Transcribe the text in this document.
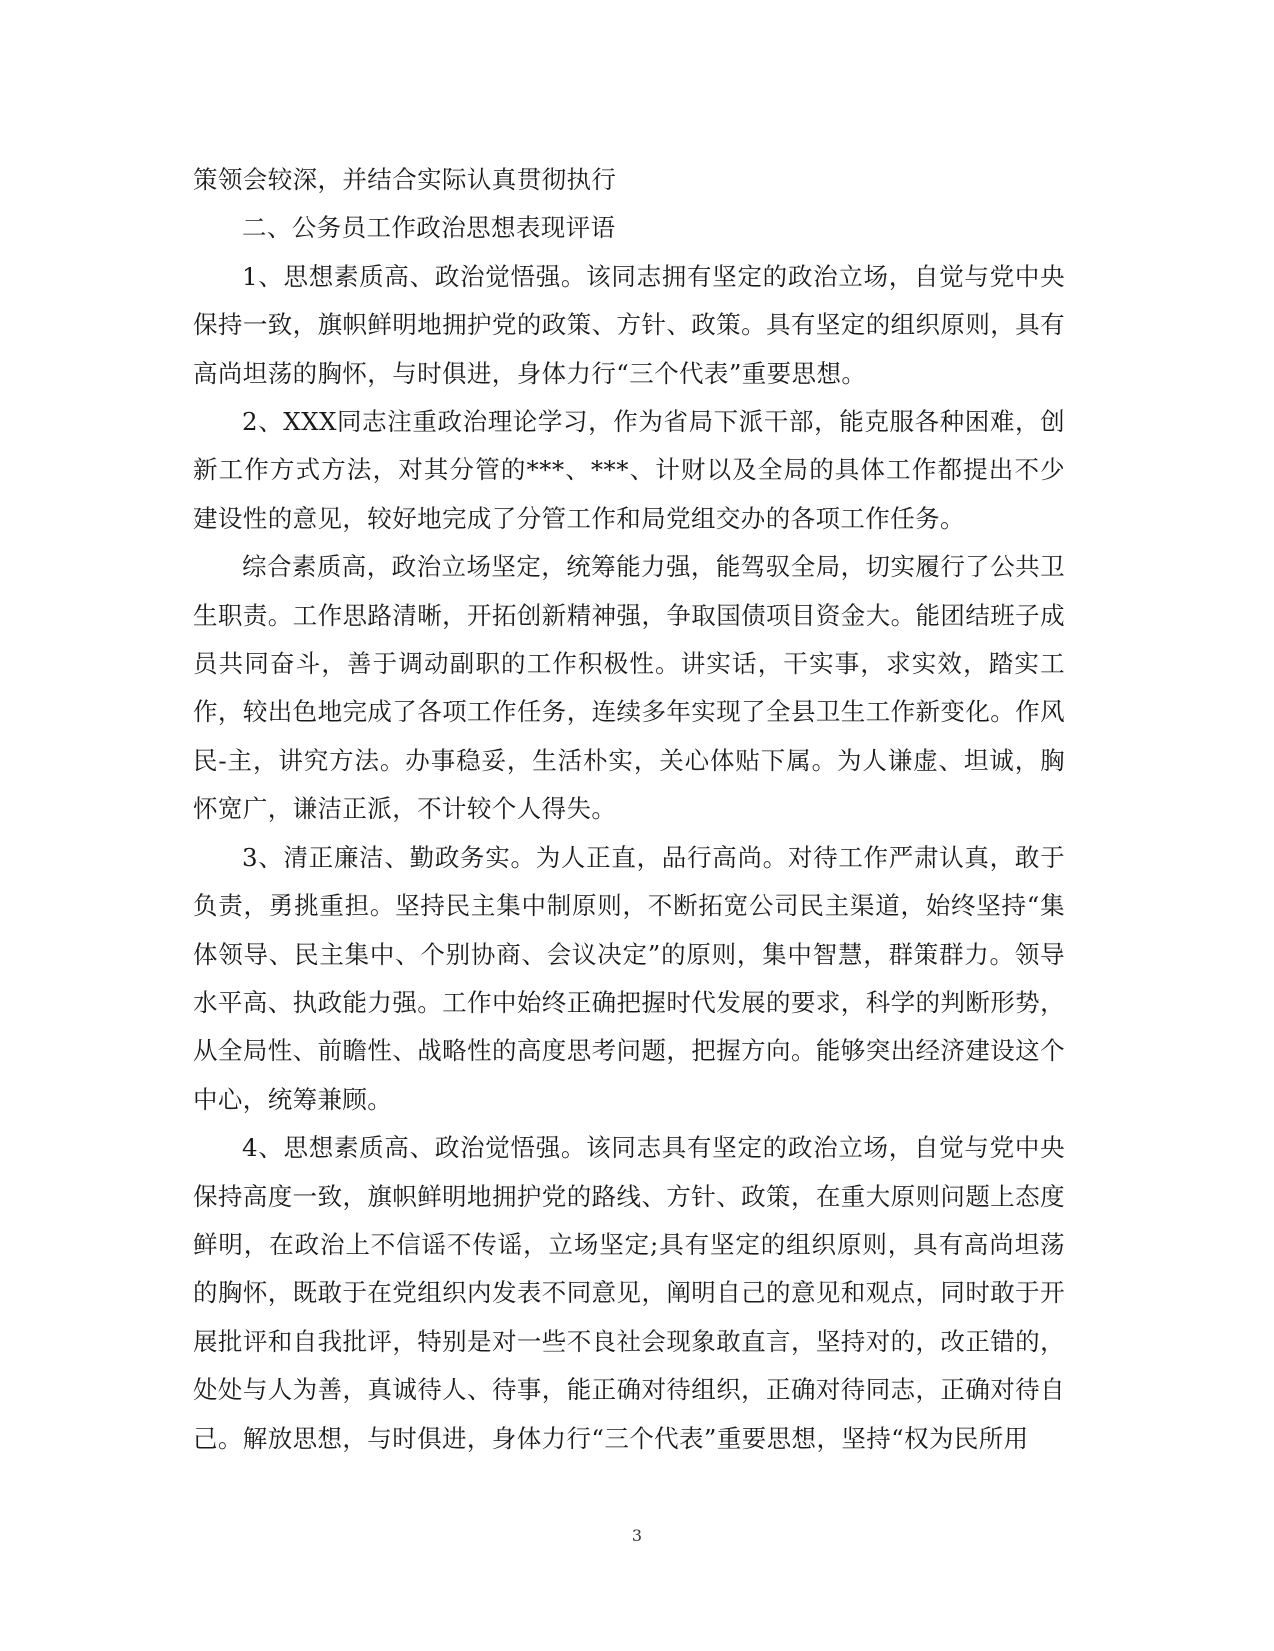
策领会较深，并结合实际认真贯彻执行

二、公务员工作政治思想表现评语

1、思想素质高、政治觉悟强。该同志拥有坚定的政治立场，自觉与党中央保持一致，旗帜鲜明地拥护党的政策、方针、政策。具有坚定的组织原则，具有高尚坦荡的胸怀，与时俱进，身体力行“三个代表”重要思想。

2、XXX同志注重政治理论学习，作为省局下派干部，能克服各种困难，创新工作方式方法，对其分管的***、***、计财以及全局的具体工作都提出不少建设性的意见，较好地完成了分管工作和局党组交办的各项工作任务。

综合素质高，政治立场坚定，统筹能力强，能驾驭全局，切实履行了公共卫生职责。工作思路清晰，开拓创新精神强，争取国债项目资金大。能团结班子成员共同奋斗，善于调动副职的工作积极性。讲实话，干实事，求实效，踏实工作，较出色地完成了各项工作任务，连续多年实现了全县卫生工作新变化。作风民-主，讲究方法。办事稳妥，生活朴实，关心体贴下属。为人谦虚、坦诚，胸怀宽广，谦洁正派，不计较个人得失。

3、清正廉洁、勤政务实。为人正直，品行高尚。对待工作严肃认真，敢于负责，勇挑重担。坚持民主集中制原则，不断拓宽公司民主渠道，始终坚持“集体领导、民主集中、个别协商、会议决定”的原则，集中智慧，群策群力。领导水平高、执政能力强。工作中始终正确把握时代发展的要求，科学的判断形势，从全局性、前瞻性、战略性的高度思考问题，把握方向。能够突出经济建设这个中心，统筹兼顾。

4、思想素质高、政治觉悟强。该同志具有坚定的政治立场，自觉与党中央保持高度一致，旗帜鲜明地拥护党的路线、方针、政策，在重大原则问题上态度鲜明，在政治上不信谣不传谣，立场坚定;具有坚定的组织原则，具有高尚坦荡的胸怀，既敢于在党组织内发表不同意见，阐明自己的意见和观点，同时敢于开展批评和自我批评，特别是对一些不良社会现象敢直言，坚持对的，改正错的，处处与人为善，真诚待人、待事，能正确对待组织，正确对待同志，正确对待自己。解放思想，与时俱进，身体力行“三个代表”重要思想，坚持“权为民所用

3
